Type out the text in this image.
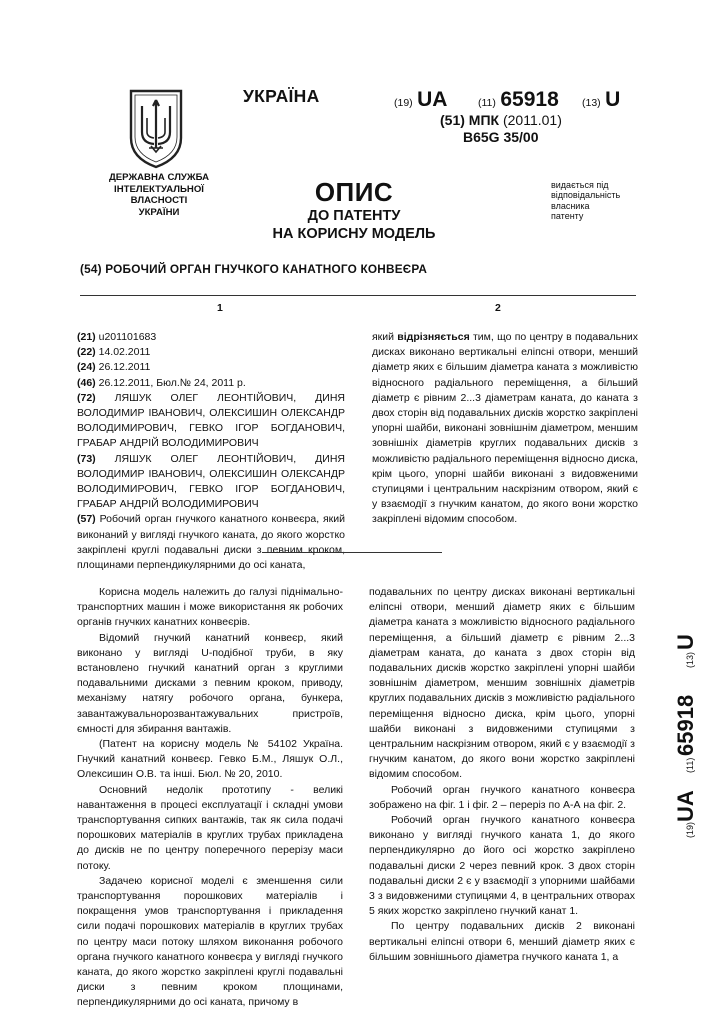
ДЕРЖАВНА СЛУЖБА
ІНТЕЛЕКТУАЛЬНОЇ
ВЛАСНОСТІ
УКРАЇНИ
УКРАЇНА	(19) UA	(11) 65918 (13) U
(51) МПК (2011.01)
B65G 35/00
ОПИС
ДО ПАТЕНТУ
НА КОРИСНУ МОДЕЛЬ
видається під
відповідальність
власника
патенту
(54) РОБОЧИЙ ОРГАН ГНУЧКОГО КАНАТНОГО КОНВЕЄРА
1	2

(21) u201101683

(22) 14.02.2011

(24) 26.12.2011

(46) 26.12.2011, Бюл.№ 24, 2011 р.

(72) ЛЯШУК ОЛЕГ ЛЕОНТІЙОВИЧ, ДИНЯ ВОЛОДИМИР ІВАНОВИЧ, ОЛЕКСИШИН ОЛЕКСАНДР ВОЛОДИМИРОВИЧ, ГЕВКО ІГОР БОГДАНОВИЧ, ГРАБАР АНДРІЙ ВОЛОДИМИРОВИЧ

(73) ЛЯШУК ОЛЕГ ЛЕОНТІЙОВИЧ, ДИНЯ ВОЛОДИМИР ІВАНОВИЧ, ОЛЕКСИШИН ОЛЕКСАНДР ВОЛОДИМИРОВИЧ, ГЕВКО ІГОР БОГДАНОВИЧ, ГРАБАР АНДРІЙ ВОЛОДИМИРОВИЧ

(57) Робочий орган гнучкого канатного конвеєра, який виконаний у вигляді гнучкого каната, до якого жорстко закріплені круглі подавальні диски з певним кроком, площинами перпендикулярними до осі каната,

який відрізняється тим, що по центру в подавальних дисках виконано вертикальні еліпсні отвори, менший діаметр яких є більшим діаметра каната з можливістю відносного радіального переміщення, а більший діаметр є рівним 2...3 діаметрам каната, до каната з двох сторін від подавальних дисків жорстко закріплені упорні шайби, виконані зовнішнім діаметром, меншим зовнішніх діаметрів круглих подавальних дисків з можливістю радіального переміщення відносно диска, крім цього, упорні шайби виконані з видовженими ступицями і центральним наскрізним отвором, який є у взаємодії з гнучким канатом, до якого вони жорстко закріплені відомим способом.

Корисна модель належить до галузі піднімально-транспортних машин і може використання як робочих органів гнучких канатних конвеєрів.

Відомий гнучкий канатний конвеєр, який виконано у вигляді U-подібної труби, в яку встановлено гнучкий канатний орган з круглими подавальними дисками з певним кроком, приводу, механізму натягу робочого органа, бункера, завантажувальнорозвантажувальних пристроїв, ємності для збирання вантажів.

(Патент на корисну модель № 54102 Україна. Гнучкий канатний конвеєр. Гевко Б.М., Ляшук О.Л., Олексишин О.В. та інші. Бюл. № 20, 2010.

Основний недолік прототипу - великі навантаження в процесі експлуатації і складні умови транспортування сипких вантажів, так як сила подачі порошкових матеріалів в круглих трубах прикладена до дисків не по центру поперечного перерізу маси потоку.

Задачею корисної моделі є зменшення сили транспортування порошкових матеріалів і покращення умов транспортування і прикладення сили подачі порошкових матеріалів в круглих трубах по центру маси потоку шляхом виконання робочого органа гнучкого канатного конвеєра у вигляді гнучкого каната, до якого жорстко закріплені круглі подавальні диски з певним кроком площинами, перпендикулярними до осі каната, причому в

подавальних по центру дисках виконані вертикальні еліпсні отвори, менший діаметр яких є більшим діаметра каната з можливістю відносного радіального переміщення, а більший діаметр є рівним 2...3 діаметрам каната, до каната з двох сторін від подавальних дисків жорстко закріплені упорні шайби зовнішнім діаметром, меншим зовнішніх діаметрів круглих подавальних дисків з можливістю радіального переміщення відносно диска, крім цього, упорні шайби виконані з видовженими ступицями з центральним наскрізним отвором, який є у взаємодії з гнучким канатом, до якого вони жорстко закріплені відомим способом.

Робочий орган гнучкого канатного конвеєра зображено на фіг. 1 і фіг. 2 – переріз по А-А на фіг. 2.

Робочий орган гнучкого канатного конвеєра виконано у вигляді гнучкого каната 1, до якого перпендикулярно до його осі жорстко закріплено подавальні диски 2 через певний крок. З двох сторін подавальні диски 2 є у взаємодії з упорними шайбами 3 з видовженими ступицями 4, в центральних отворах 5 яких жорстко закріплено гнучкий канат 1.

По центру подавальних дисків 2 виконані вертикальні еліпсні отвори 6, менший діаметр яких є більшим зовнішнього діаметра гнучкого каната 1, а

(19)
UA
(11)
65918
(13)
U
